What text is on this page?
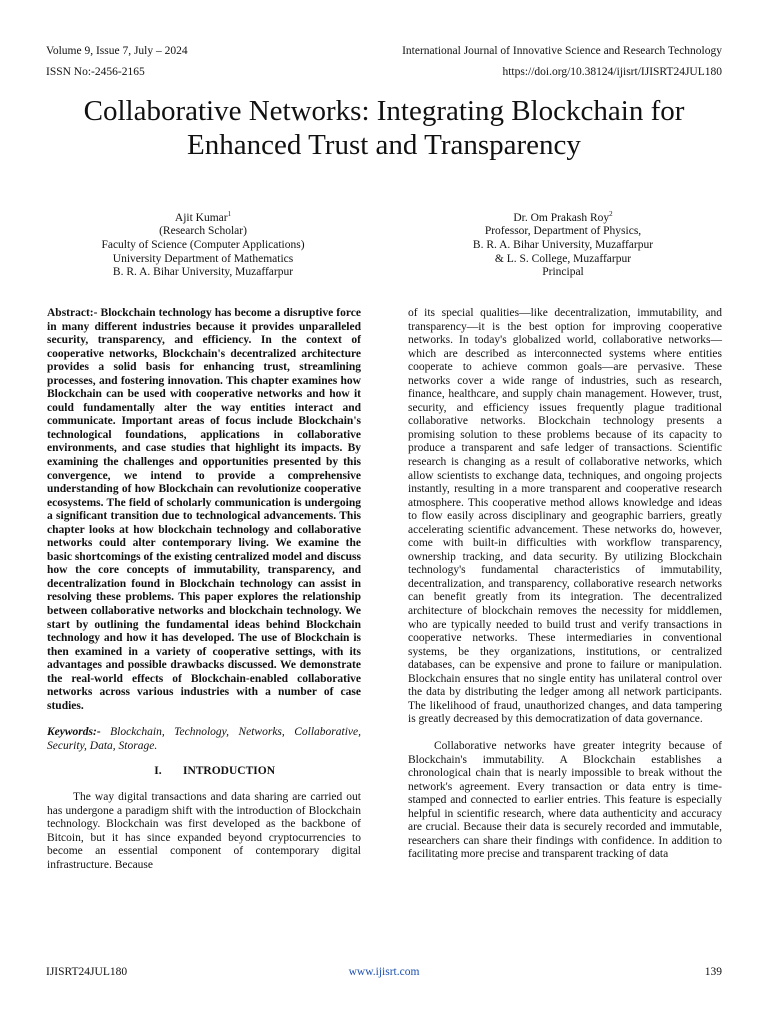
Volume 9, Issue 7, July – 2024	International Journal of Innovative Science and Research Technology
ISSN No:-2456-2165	https://doi.org/10.38124/ijisrt/IJISRT24JUL180
Collaborative Networks: Integrating Blockchain for Enhanced Trust and Transparency
Ajit Kumar$^1$
(Research Scholar)
Faculty of Science (Computer Applications)
University Department of Mathematics
B. R. A. Bihar University, Muzaffarpur
Dr. Om Prakash Roy$^2$
Professor, Department of Physics,
B. R. A. Bihar University, Muzaffarpur
& L. S. College, Muzaffarpur
Principal

Abstract:- Blockchain technology has become a disruptive force in many different industries because it provides unparalleled security, transparency, and efficiency. In the context of cooperative networks, Blockchain's decentralized architecture provides a solid basis for enhancing trust, streamlining processes, and fostering innovation. This chapter examines how Blockchain can be used with cooperative networks and how it could fundamentally alter the way entities interact and communicate. Important areas of focus include Blockchain's technological foundations, applications in collaborative environments, and case studies that highlight its impacts. By examining the challenges and opportunities presented by this convergence, we intend to provide a comprehensive understanding of how Blockchain can revolutionize cooperative ecosystems. The field of scholarly communication is undergoing a significant transition due to technological advancements. This chapter looks at how blockchain technology and collaborative networks could alter contemporary living. We examine the basic shortcomings of the existing centralized model and discuss how the core concepts of immutability, transparency, and decentralization found in Blockchain technology can assist in resolving these problems. This paper explores the relationship between collaborative networks and blockchain technology. We start by outlining the fundamental ideas behind Blockchain technology and how it has developed. The use of Blockchain is then examined in a variety of cooperative settings, with its advantages and possible drawbacks discussed. We demonstrate the real-world effects of Blockchain-enabled collaborative networks across various industries with a number of case studies.

Keywords:- Blockchain, Technology, Networks, Collaborative, Security, Data, Storage.

I. INTRODUCTION

The way digital transactions and data sharing are carried out has undergone a paradigm shift with the introduction of Blockchain technology. Blockchain was first developed as the backbone of Bitcoin, but it has since expanded beyond cryptocurrencies to become an essential component of contemporary digital infrastructure. Because

of its special qualities—like decentralization, immutability, and transparency—it is the best option for improving cooperative networks. In today's globalized world, collaborative networks—which are described as interconnected systems where entities cooperate to achieve common goals—are pervasive. These networks cover a wide range of industries, such as research, finance, healthcare, and supply chain management. However, trust, security, and efficiency issues frequently plague traditional collaborative networks. Blockchain technology presents a promising solution to these problems because of its capacity to produce a transparent and safe ledger of transactions. Scientific research is changing as a result of collaborative networks, which allow scientists to exchange data, techniques, and ongoing projects instantly, resulting in a more transparent and cooperative research atmosphere. This cooperative method allows knowledge and ideas to flow easily across disciplinary and geographic barriers, greatly accelerating scientific advancement. These networks do, however, come with built-in difficulties with workflow transparency, ownership tracking, and data security. By utilizing Blockchain technology's fundamental characteristics of immutability, decentralization, and transparency, collaborative research networks can benefit greatly from its integration. The decentralized architecture of blockchain removes the necessity for middlemen, who are typically needed to build trust and verify transactions in cooperative networks. These intermediaries in conventional systems, be they organizations, institutions, or centralized databases, can be expensive and prone to failure or manipulation. Blockchain ensures that no single entity has unilateral control over the data by distributing the ledger among all network participants. The likelihood of fraud, unauthorized changes, and data tampering is greatly decreased by this democratization of data governance.

Collaborative networks have greater integrity because of Blockchain's immutability. A Blockchain establishes a chronological chain that is nearly impossible to break without the network's agreement. Every transaction or data entry is time-stamped and connected to earlier entries. This feature is especially helpful in scientific research, where data authenticity and accuracy are crucial. Because their data is securely recorded and immutable, researchers can share their findings with confidence. In addition to facilitating more precise and transparent tracking of data

IJISRT24JUL180	www.ijisrt.com	139
